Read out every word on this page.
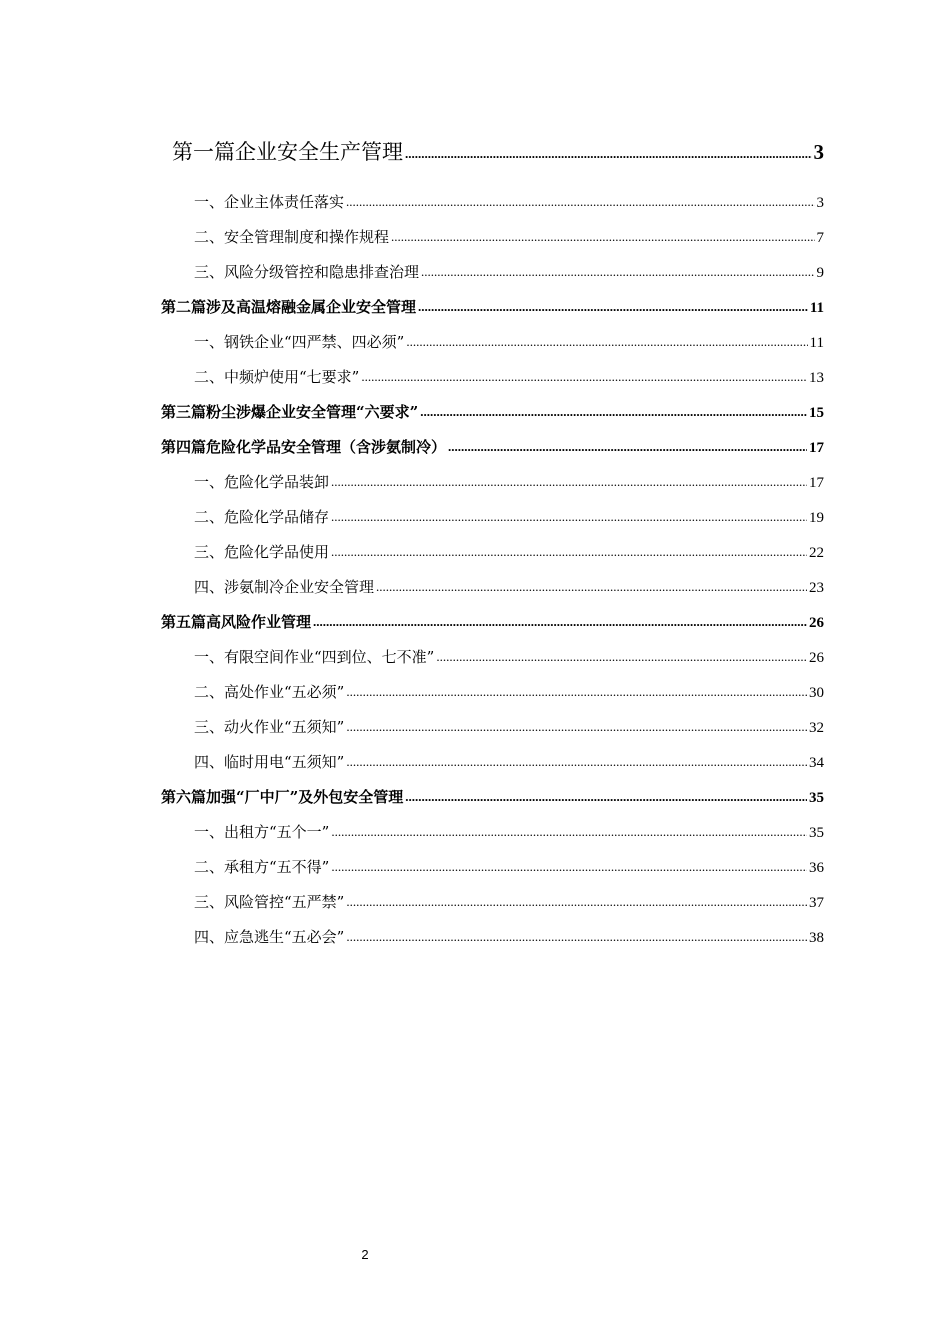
第一篇企业安全生产管理 .....	3
一、企业主体责任落实 .....	3
二、安全管理制度和操作规程 .....	7
三、风险分级管控和隐患排查治理 .....	9
第二篇涉及高温熔融金属企业安全管理 .....	11
一、钢铁企业“四严禁、四必须” .....	11
二、中频炉使用“七要求” .....	13
第三篇粉尘涉爆企业安全管理“六要求” .....	15
第四篇危险化学品安全管理（含涉氨制冷） .....	17
一、危险化学品装卸 .....	17
二、危险化学品储存 .....	19
三、危险化学品使用 .....	22
四、涉氨制冷企业安全管理 .....	23
第五篇高风险作业管理 .....	26
一、有限空间作业“四到位、七不准” .....	26
二、高处作业“五必须” .....	30
三、动火作业“五须知” .....	32
四、临时用电“五须知” .....	34
第六篇加强“厂中厂”及外包安全管理 .....	35
一、出租方“五个一” .....	35
二、承租方“五不得” .....	36
三、风险管控“五严禁” .....	37
四、应急逃生“五必会” .....	38
2
